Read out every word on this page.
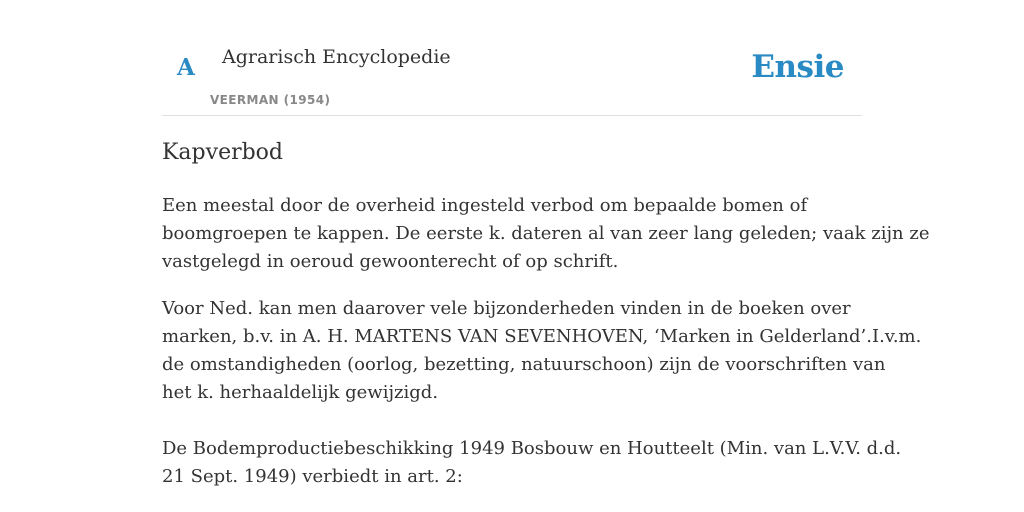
A Agrarisch Encyclopedie
VEERMAN (1954)
Ensie
Kapverbod

Een meestal door de overheid ingesteld verbod om bepaalde bomen of
boomgroepen te kappen. De eerste k. dateren al van zeer lang geleden; vaak zijn ze
vastgelegd in oeroud gewoonterecht of op schrift.

Voor Ned. kan men daarover vele bijzonderheden vinden in de boeken over
marken, b.v. in A. H. MARTENS VAN SEVENHOVEN, ‘Marken in Gelderland’.I.v.m.
de omstandigheden (oorlog, bezetting, natuurschoon) zijn de voorschriften van
het k. herhaaldelijk gewijzigd.

De Bodemproductiebeschikking 1949 Bosbouw en Houtteelt (Min. van L.V.V. d.d.
21 Sept. 1949) verbiedt in art. 2:
